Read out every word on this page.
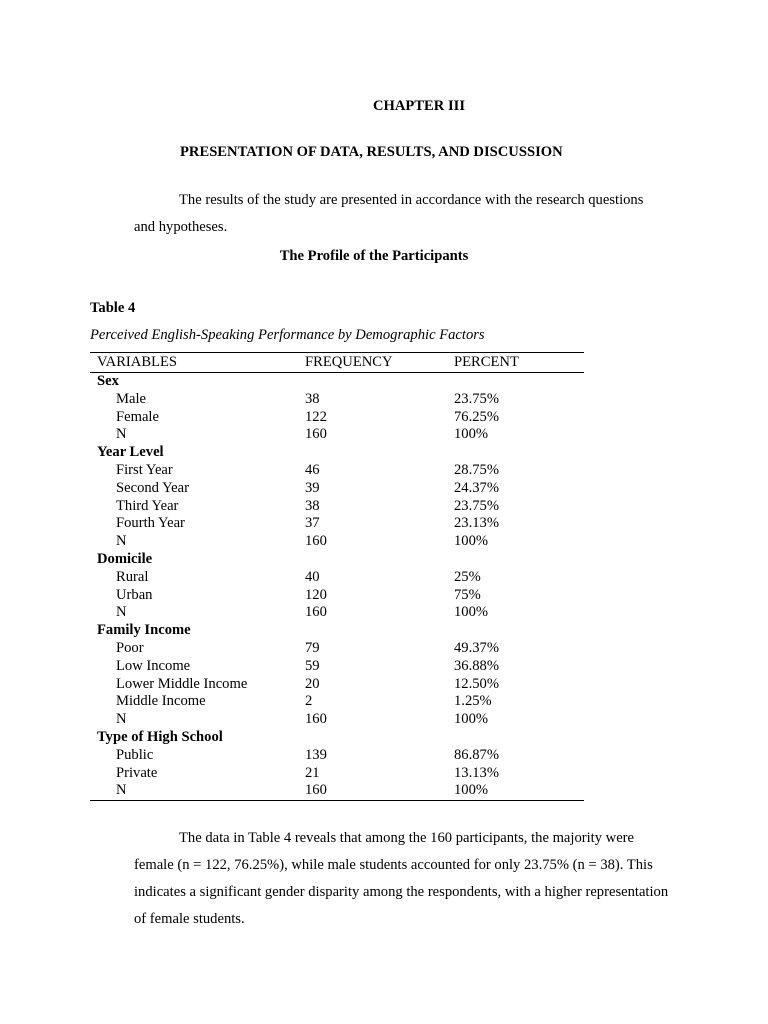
CHAPTER III
PRESENTATION OF DATA, RESULTS, AND DISCUSSION
The results of the study are presented in accordance with the research questions and hypotheses.
The Profile of the Participants
Table 4
Perceived English-Speaking Performance by Demographic Factors
VARIABLES	FREQUENCY	PERCENT
Sex		
Male	38	23.75%
Female	122	76.25%
N	160	100%
Year Level		
First Year	46	28.75%
Second Year	39	24.37%
Third Year	38	23.75%
Fourth Year	37	23.13%
N	160	100%
Domicile		
Rural	40	25%
Urban	120	75%
N	160	100%
Family Income		
Poor	79	49.37%
Low Income	59	36.88%
Lower Middle Income	20	12.50%
Middle Income	2	1.25%
N	160	100%
Type of High School		
Public	139	86.87%
Private	21	13.13%
N	160	100%
The data in Table 4 reveals that among the 160 participants, the majority were female (n = 122, 76.25%), while male students accounted for only 23.75% (n = 38). This indicates a significant gender disparity among the respondents, with a higher representation of female students.
